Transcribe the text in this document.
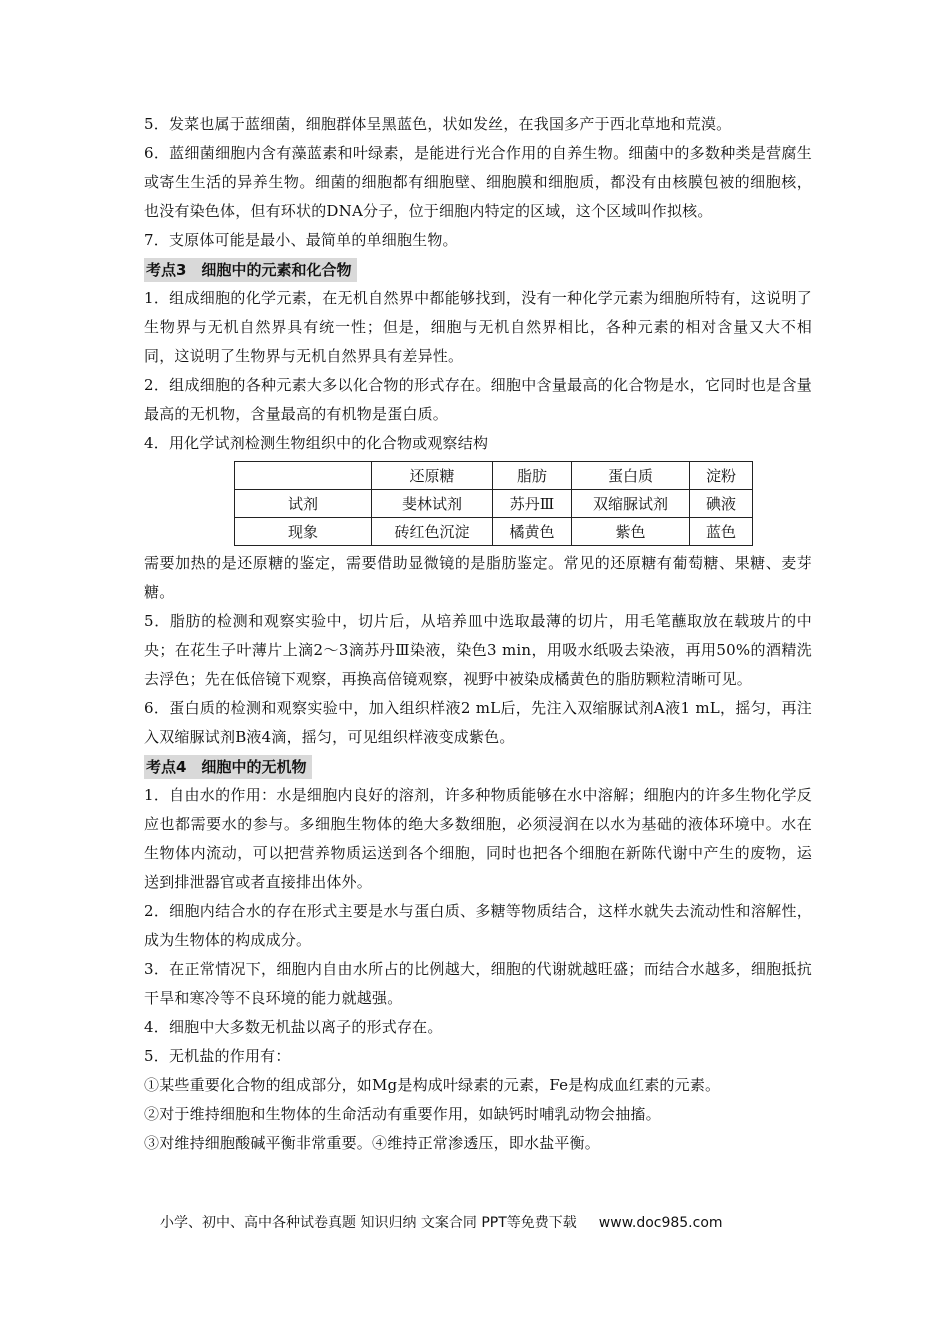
5．发菜也属于蓝细菌，细胞群体呈黑蓝色，状如发丝，在我国多产于西北草地和荒漠。

6．蓝细菌细胞内含有藻蓝素和叶绿素，是能进行光合作用的自养生物。细菌中的多数种类是营腐生或寄生生活的异养生物。细菌的细胞都有细胞壁、细胞膜和细胞质，都没有由核膜包被的细胞核，也没有染色体，但有环状的DNA分子，位于细胞内特定的区域，这个区域叫作拟核。

7．支原体可能是最小、最简单的单细胞生物。

考点3　细胞中的元素和化合物

1．组成细胞的化学元素，在无机自然界中都能够找到，没有一种化学元素为细胞所特有，这说明了生物界与无机自然界具有统一性；但是，细胞与无机自然界相比，各种元素的相对含量又大不相同，这说明了生物界与无机自然界具有差异性。

2．组成细胞的各种元素大多以化合物的形式存在。细胞中含量最高的化合物是水，它同时也是含量最高的无机物，含量最高的有机物是蛋白质。

4．用化学试剂检测生物组织中的化合物或观察结构

	还原糖	脂肪	蛋白质	淀粉
试剂	斐林试剂	苏丹Ⅲ	双缩脲试剂	碘液
现象	砖红色沉淀	橘黄色	紫色	蓝色

需要加热的是还原糖的鉴定，需要借助显微镜的是脂肪鉴定。常见的还原糖有葡萄糖、果糖、麦芽糖。

5．脂肪的检测和观察实验中，切片后，从培养皿中选取最薄的切片，用毛笔蘸取放在载玻片的中央；在花生子叶薄片上滴2～3滴苏丹Ⅲ染液，染色3 min，用吸水纸吸去染液，再用50%的酒精洗去浮色；先在低倍镜下观察，再换高倍镜观察，视野中被染成橘黄色的脂肪颗粒清晰可见。

6．蛋白质的检测和观察实验中，加入组织样液2 mL后，先注入双缩脲试剂A液1 mL，摇匀，再注入双缩脲试剂B液4滴，摇匀，可见组织样液变成紫色。

考点4　细胞中的无机物

1．自由水的作用：水是细胞内良好的溶剂，许多种物质能够在水中溶解；细胞内的许多生物化学反应也都需要水的参与。多细胞生物体的绝大多数细胞，必须浸润在以水为基础的液体环境中。水在生物体内流动，可以把营养物质运送到各个细胞，同时也把各个细胞在新陈代谢中产生的废物，运送到排泄器官或者直接排出体外。

2．细胞内结合水的存在形式主要是水与蛋白质、多糖等物质结合，这样水就失去流动性和溶解性，成为生物体的构成成分。

3．在正常情况下，细胞内自由水所占的比例越大，细胞的代谢就越旺盛；而结合水越多，细胞抵抗干旱和寒冷等不良环境的能力就越强。

4．细胞中大多数无机盐以离子的形式存在。

5．无机盐的作用有：

①某些重要化合物的组成部分，如Mg是构成叶绿素的元素，Fe是构成血红素的元素。

②对于维持细胞和生物体的生命活动有重要作用，如缺钙时哺乳动物会抽搐。

③对维持细胞酸碱平衡非常重要。④维持正常渗透压，即水盐平衡。

小学、初中、高中各种试卷真题 知识归纳 文案合同 PPT等免费下载 www.doc985.com
